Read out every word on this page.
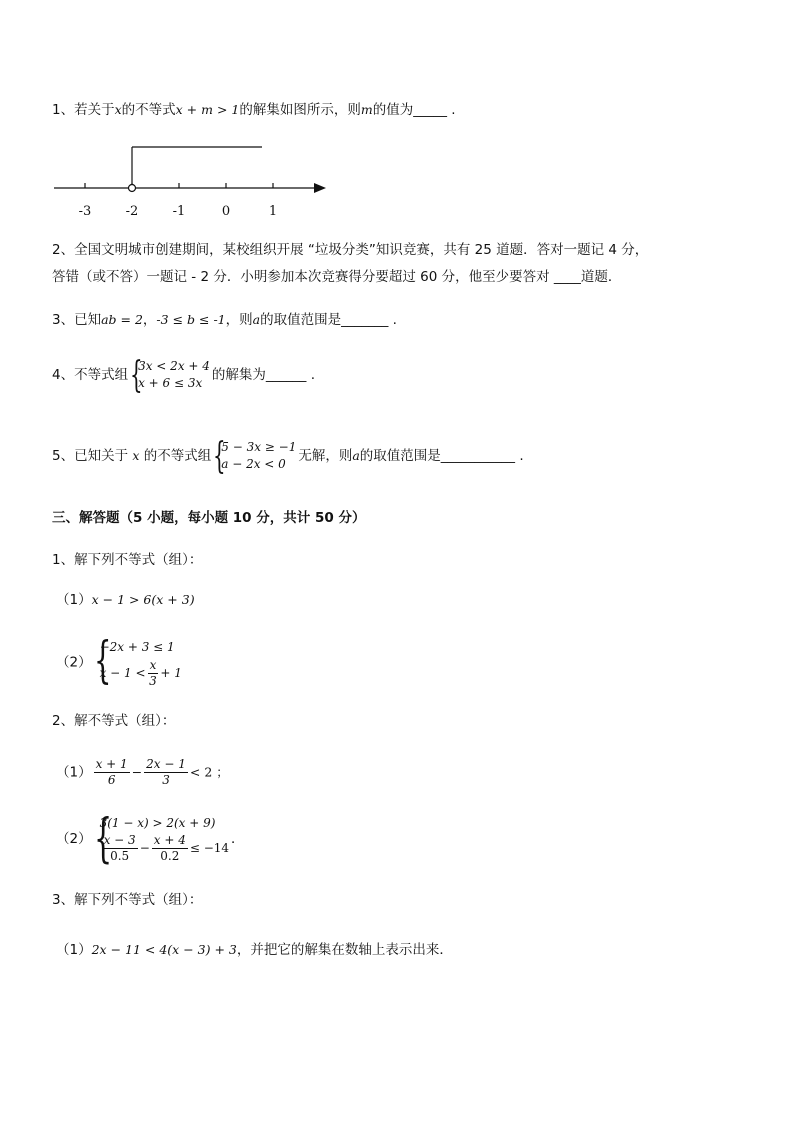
1、若关于x的不等式x + m > 1的解集如图所示，则m的值为_____ .
-3	-2	-1	0	1
2、全国文明城市创建期间，某校组织开展 “垃圾分类”知识竞赛，共有 25 道题．答对一题记 4 分，
答错（或不答）一题记 - 2 分．小明参加本次竞赛得分要超过 60 分，他至少要答对 ____道题．
3、已知ab = 2，-3 ≤ b ≤ -1，则a的取值范围是_______ .
4、不等式组 {
3x < 2x + 4
x + 6 ≤ 3x 的解集为______ .
5、已知关于 x 的不等式组 {
5 − 3x ≥ −1
a − 2x < 0 无解，则a的取值范围是___________ .
三、解答题（5 小题，每小题 10 分，共计 50 分）
1、解下列不等式（组）：
（1）x − 1 > 6(x + 3)
（2） {
−2x + 3 ≤ 1
$x - 1 < \frac{x}{3} + 1$
2、解不等式（组）：
$(1) \frac{x + 1}{6} - \frac{2x - 1}{3} < 2$ ；
（2） {
3(1 − x) > 2(x + 9)
$\frac{x - 3}{0.5} - \frac{x + 4}{0.2} \le -14$
．
3、解下列不等式（组）：
（1）2x − 11 < 4(x − 3) + 3，并把它的解集在数轴上表示出来．
